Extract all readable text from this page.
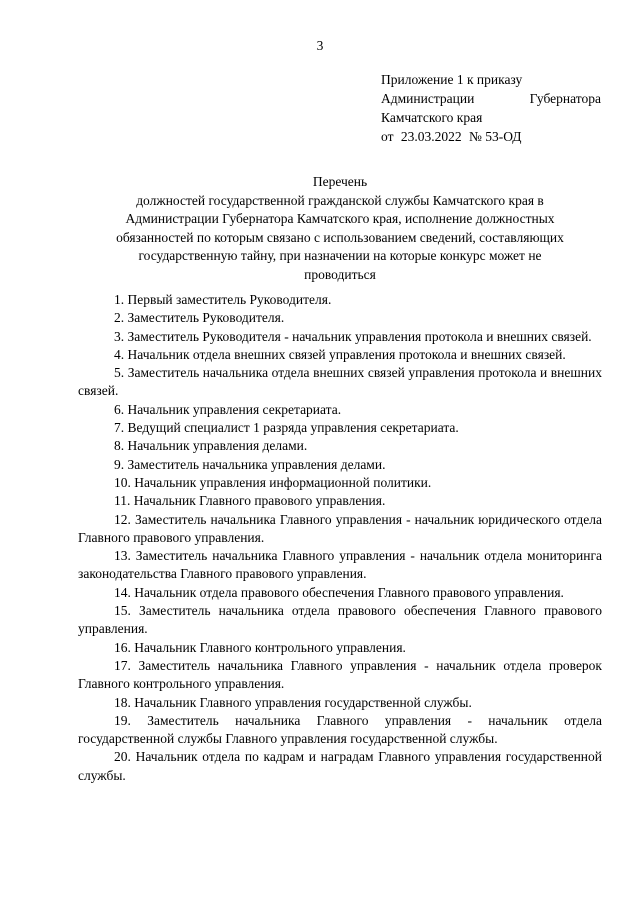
3
Приложение 1 к приказу
Администрации	Губернатора
Камчатского края
от 23.03.2022 № 53-ОД
Перечень
должностей государственной гражданской службы Камчатского края в
Администрации Губернатора Камчатского края, исполнение должностных
обязанностей по которым связано с использованием сведений, составляющих
государственную тайну, при назначении на которые конкурс может не
проводиться

1. Первый заместитель Руководителя.

2. Заместитель Руководителя.

3. Заместитель Руководителя - начальник управления протокола и внешних связей.

4. Начальник отдела внешних связей управления протокола и внешних связей.

5. Заместитель начальника отдела внешних связей управления протокола и внешних связей.

6. Начальник управления секретариата.

7. Ведущий специалист 1 разряда управления секретариата.

8. Начальник управления делами.

9. Заместитель начальника управления делами.

10. Начальник управления информационной политики.

11. Начальник Главного правового управления.

12. Заместитель начальника Главного управления - начальник юридического отдела Главного правового управления.

13. Заместитель начальника Главного управления - начальник отдела мониторинга законодательства Главного правового управления.

14. Начальник отдела правового обеспечения Главного правового управления.

15. Заместитель начальника отдела правового обеспечения Главного правового управления.

16. Начальник Главного контрольного управления.

17. Заместитель начальника Главного управления - начальник отдела проверок Главного контрольного управления.

18. Начальник Главного управления государственной службы.

19. Заместитель начальника Главного управления - начальник отдела государственной службы Главного управления государственной службы.

20. Начальник отдела по кадрам и наградам Главного управления государственной службы.
